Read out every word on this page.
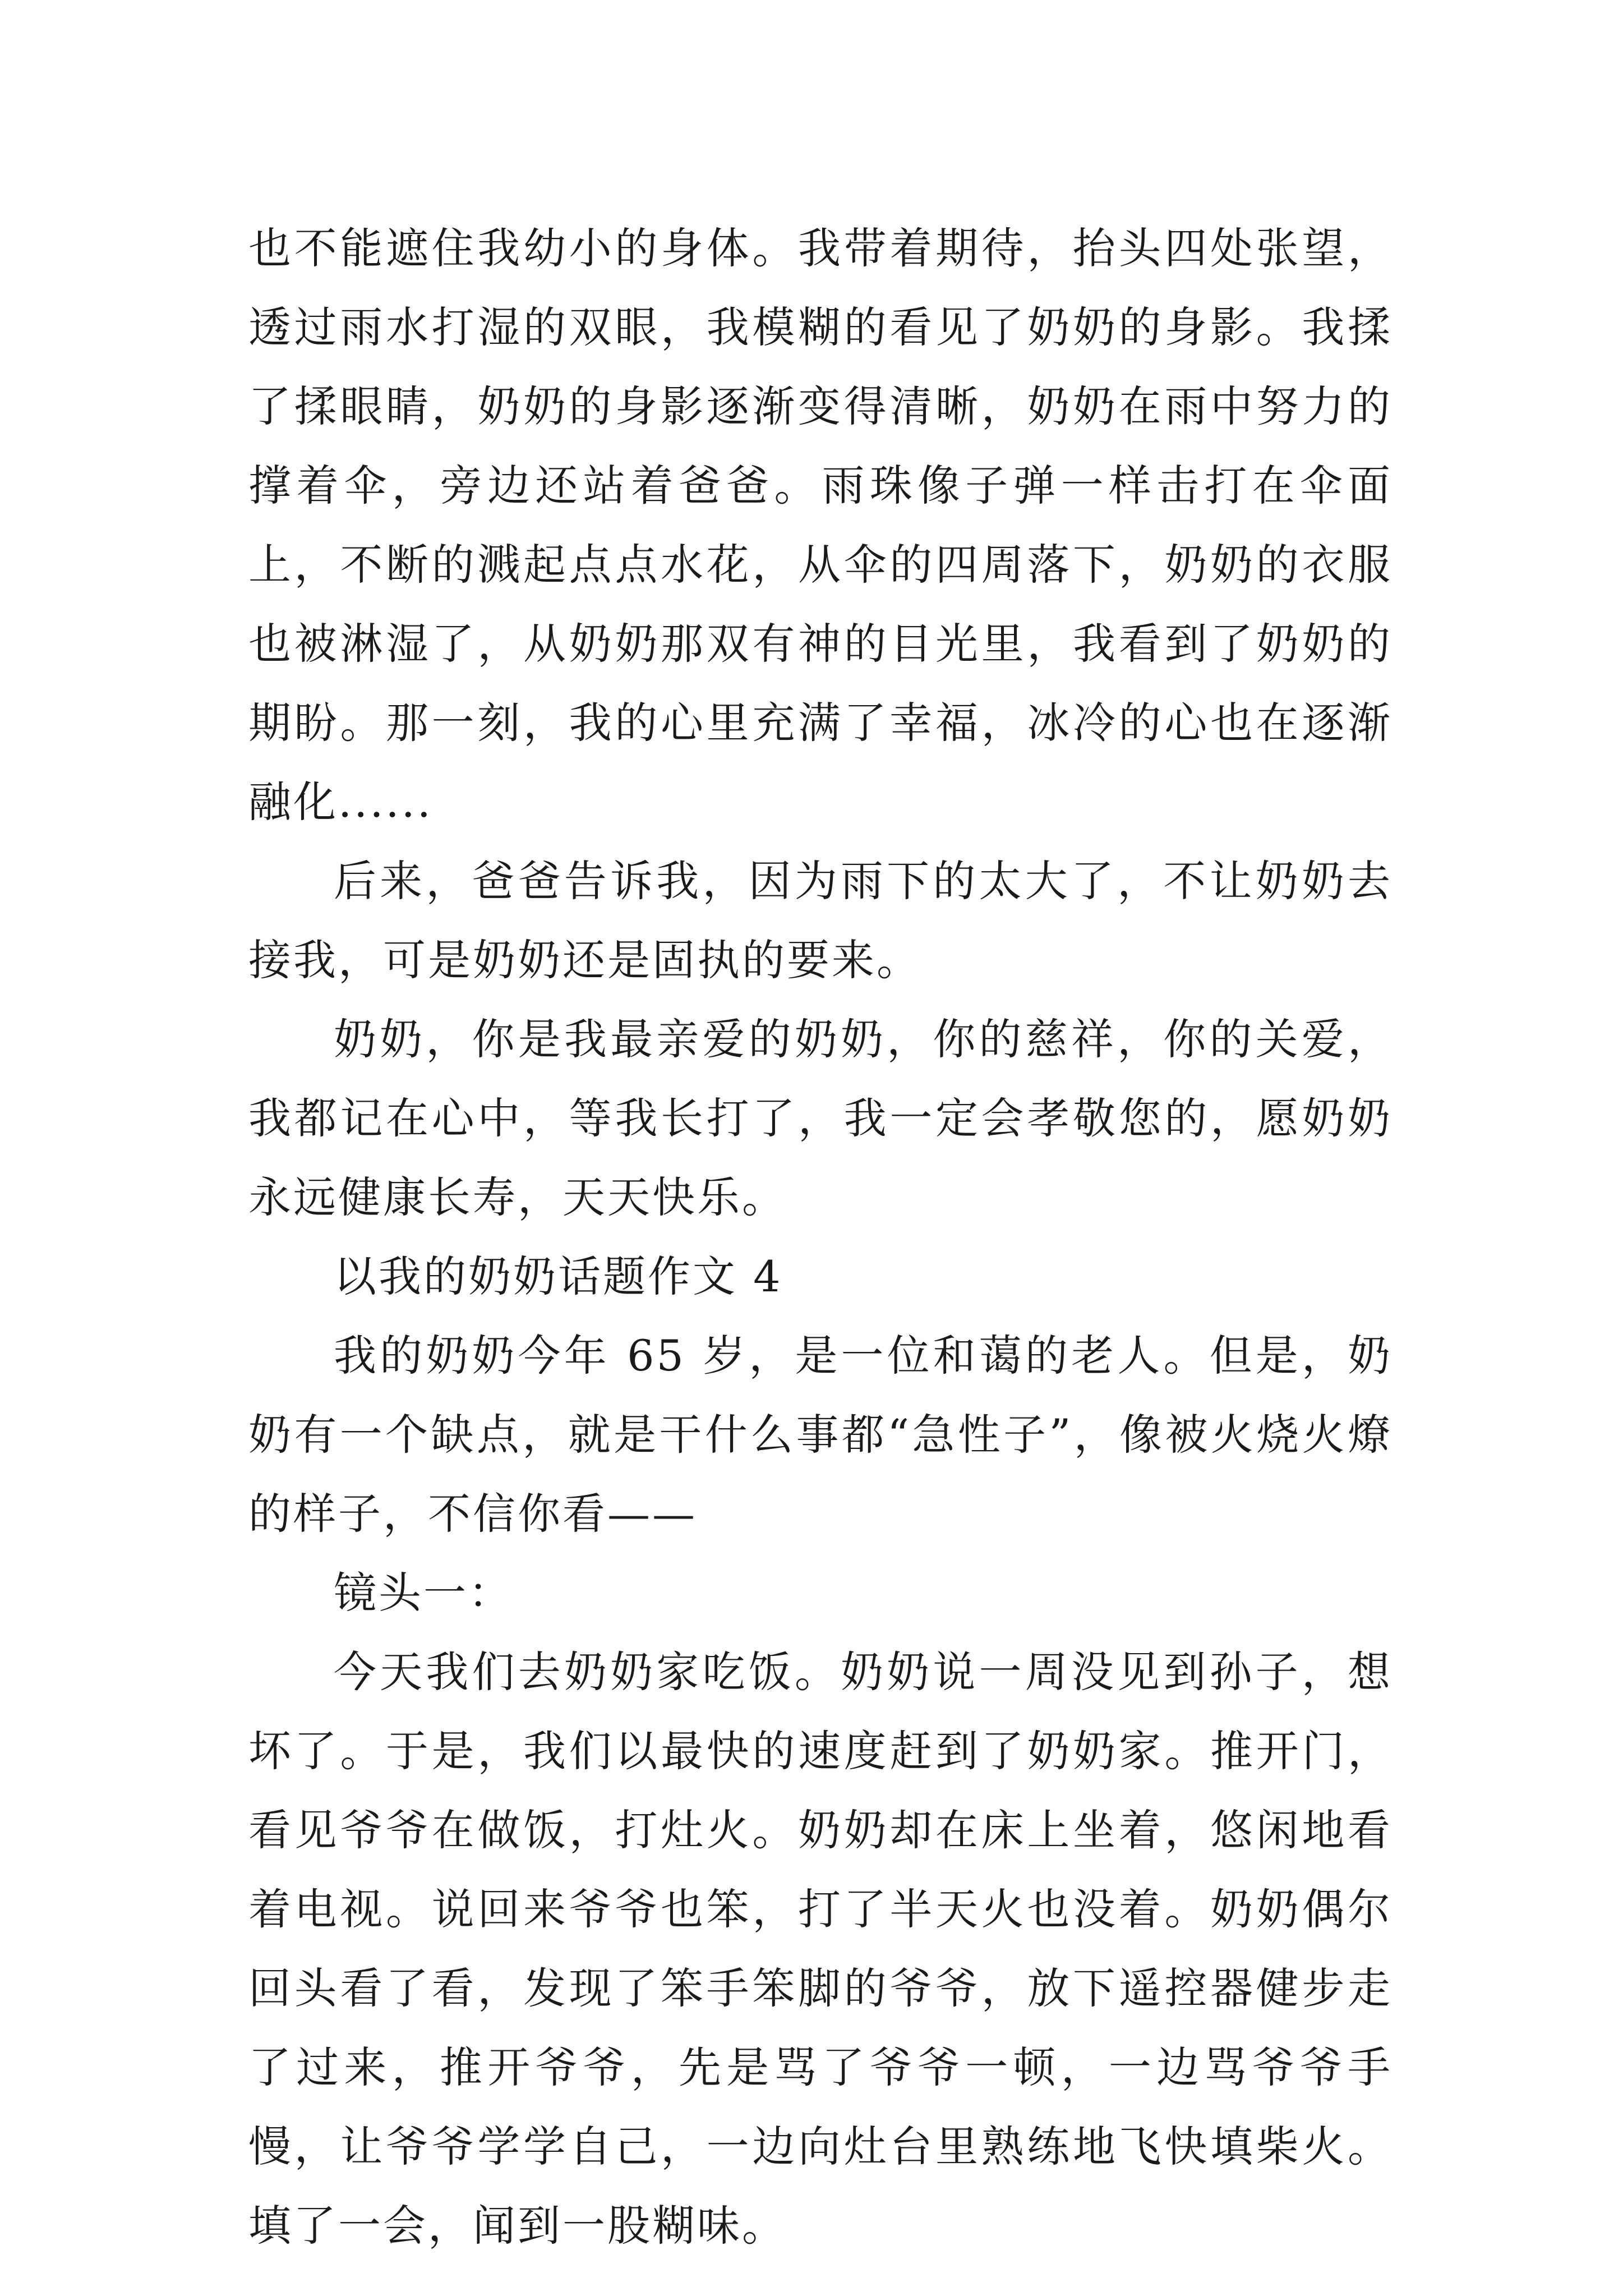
也不能遮住我幼小的身体。我带着期待，抬头四处张望，透过雨水打湿的双眼，我模糊的看见了奶奶的身影。我揉了揉眼睛，奶奶的身影逐渐变得清晰，奶奶在雨中努力的撑着伞，旁边还站着爸爸。雨珠像子弹一样击打在伞面上，不断的溅起点点水花，从伞的四周落下，奶奶的衣服也被淋湿了，从奶奶那双有神的目光里，我看到了奶奶的期盼。那一刻，我的心里充满了幸福，冰冷的心也在逐渐融化......

后来，爸爸告诉我，因为雨下的太大了，不让奶奶去接我，可是奶奶还是固执的要来。

奶奶，你是我最亲爱的奶奶，你的慈祥，你的关爱，我都记在心中，等我长打了，我一定会孝敬您的，愿奶奶永远健康长寿，天天快乐。

以我的奶奶话题作文 4

我的奶奶今年 65 岁，是一位和蔼的老人。但是，奶奶有一个缺点，就是干什么事都“急性子”，像被火烧火燎的样子，不信你看——

镜头一：

今天我们去奶奶家吃饭。奶奶说一周没见到孙子，想坏了。于是，我们以最快的速度赶到了奶奶家。推开门，看见爷爷在做饭，打灶火。奶奶却在床上坐着，悠闲地看着电视。说回来爷爷也笨，打了半天火也没着。奶奶偶尔回头看了看，发现了笨手笨脚的爷爷，放下遥控器健步走了过来，推开爷爷，先是骂了爷爷一顿，一边骂爷爷手慢，让爷爷学学自己，一边向灶台里熟练地飞快填柴火。填了一会，闻到一股糊味。
